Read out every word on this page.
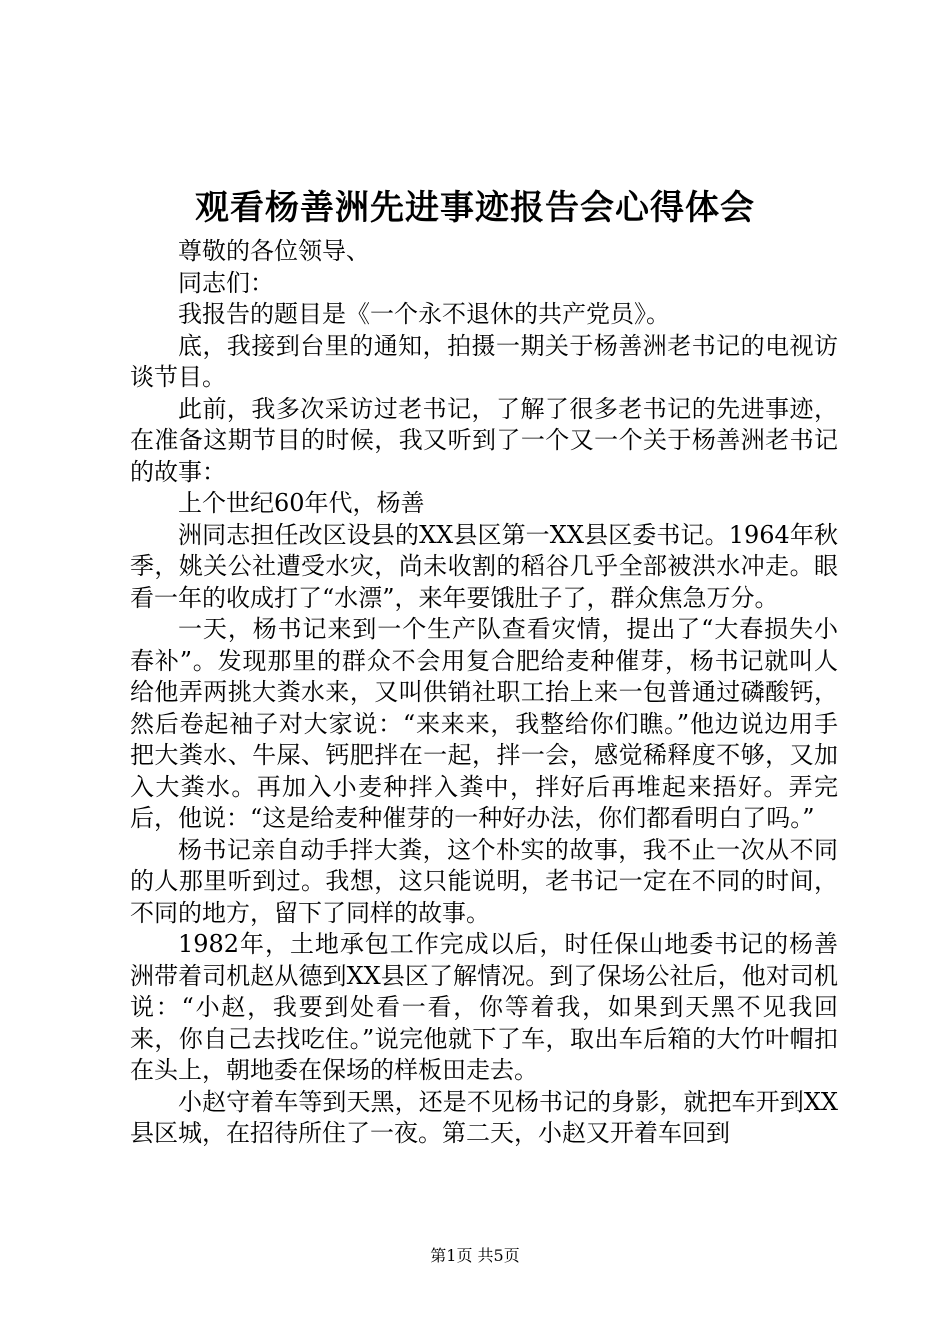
观看杨善洲先进事迹报告会心得体会

尊敬的各位领导、

同志们：

我报告的题目是《一个永不退休的共产党员》。

底，我接到台里的通知，拍摄一期关于杨善洲老书记的电视访谈节目。

此前，我多次采访过老书记，了解了很多老书记的先进事迹，在准备这期节目的时候，我又听到了一个又一个关于杨善洲老书记的故事：

上个世纪60年代，杨善

洲同志担任改区设县的XX县区第一XX县区委书记。1964年秋季，姚关公社遭受水灾，尚未收割的稻谷几乎全部被洪水冲走。眼看一年的收成打了“水漂”，来年要饿肚子了，群众焦急万分。

一天，杨书记来到一个生产队查看灾情，提出了“大春损失小春补”。发现那里的群众不会用复合肥给麦种催芽，杨书记就叫人给他弄两挑大粪水来，又叫供销社职工抬上来一包普通过磷酸钙，然后卷起袖子对大家说：“来来来，我整给你们瞧。”他边说边用手把大粪水、牛屎、钙肥拌在一起，拌一会，感觉稀释度不够，又加入大粪水。再加入小麦种拌入粪中，拌好后再堆起来捂好。弄完后，他说：“这是给麦种催芽的一种好办法，你们都看明白了吗。”

杨书记亲自动手拌大粪，这个朴实的故事，我不止一次从不同的人那里听到过。我想，这只能说明，老书记一定在不同的时间，不同的地方，留下了同样的故事。

1982年，土地承包工作完成以后，时任保山地委书记的杨善洲带着司机赵从德到XX县区了解情况。到了保场公社后，他对司机说：“小赵，我要到处看一看，你等着我，如果到天黑不见我回来，你自己去找吃住。”说完他就下了车，取出车后箱的大竹叶帽扣在头上，朝地委在保场的样板田走去。

小赵守着车等到天黑，还是不见杨书记的身影，就把车开到XX县区城，在招待所住了一夜。第二天，小赵又开着车回到

第1页 共5页
